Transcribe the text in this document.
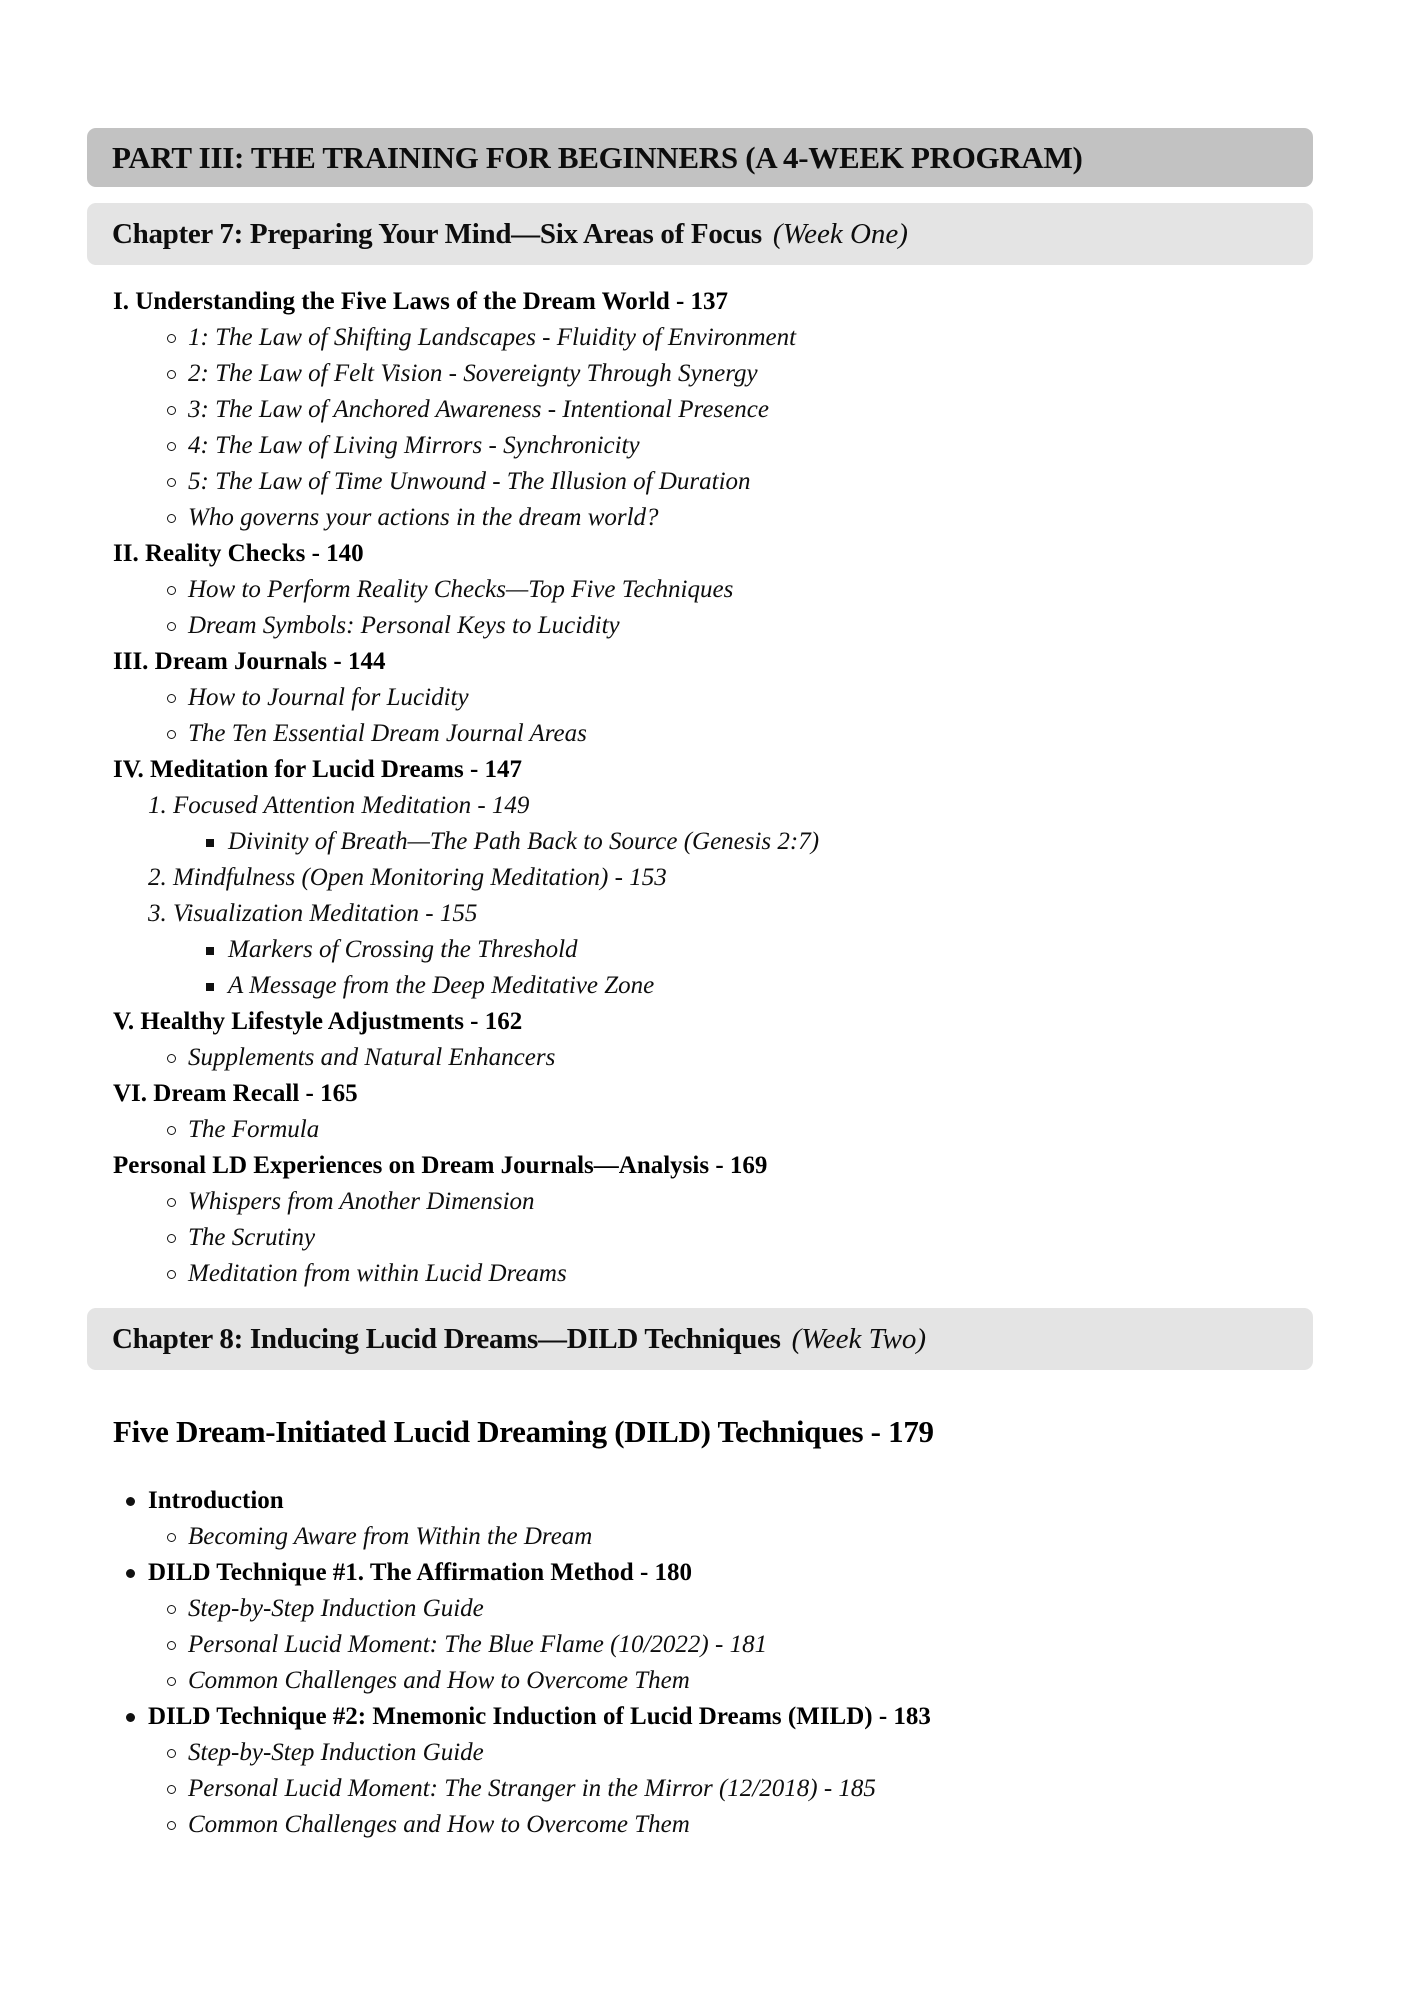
PART III: THE TRAINING FOR BEGINNERS (A 4-WEEK PROGRAM)
Chapter 7: Preparing Your Mind—Six Areas of Focus (Week One)
I. Understanding the Five Laws of the Dream World - 137
1: The Law of Shifting Landscapes - Fluidity of Environment
2: The Law of Felt Vision - Sovereignty Through Synergy
3: The Law of Anchored Awareness - Intentional Presence
4: The Law of Living Mirrors - Synchronicity
5: The Law of Time Unwound - The Illusion of Duration
Who governs your actions in the dream world?
II. Reality Checks - 140
How to Perform Reality Checks—Top Five Techniques
Dream Symbols: Personal Keys to Lucidity
III. Dream Journals - 144
How to Journal for Lucidity
The Ten Essential Dream Journal Areas
IV. Meditation for Lucid Dreams - 147
1. Focused Attention Meditation - 149
Divinity of Breath—The Path Back to Source (Genesis 2:7)
2. Mindfulness (Open Monitoring Meditation) - 153
3. Visualization Meditation - 155
Markers of Crossing the Threshold
A Message from the Deep Meditative Zone
V. Healthy Lifestyle Adjustments - 162
Supplements and Natural Enhancers
VI. Dream Recall - 165
The Formula
Personal LD Experiences on Dream Journals—Analysis - 169
Whispers from Another Dimension
The Scrutiny
Meditation from within Lucid Dreams
Chapter 8: Inducing Lucid Dreams—DILD Techniques (Week Two)
Five Dream-Initiated Lucid Dreaming (DILD) Techniques - 179
Introduction
Becoming Aware from Within the Dream
DILD Technique #1. The Affirmation Method - 180
Step-by-Step Induction Guide
Personal Lucid Moment: The Blue Flame (10/2022) - 181
Common Challenges and How to Overcome Them
DILD Technique #2: Mnemonic Induction of Lucid Dreams (MILD) - 183
Step-by-Step Induction Guide
Personal Lucid Moment: The Stranger in the Mirror (12/2018) - 185
Common Challenges and How to Overcome Them
